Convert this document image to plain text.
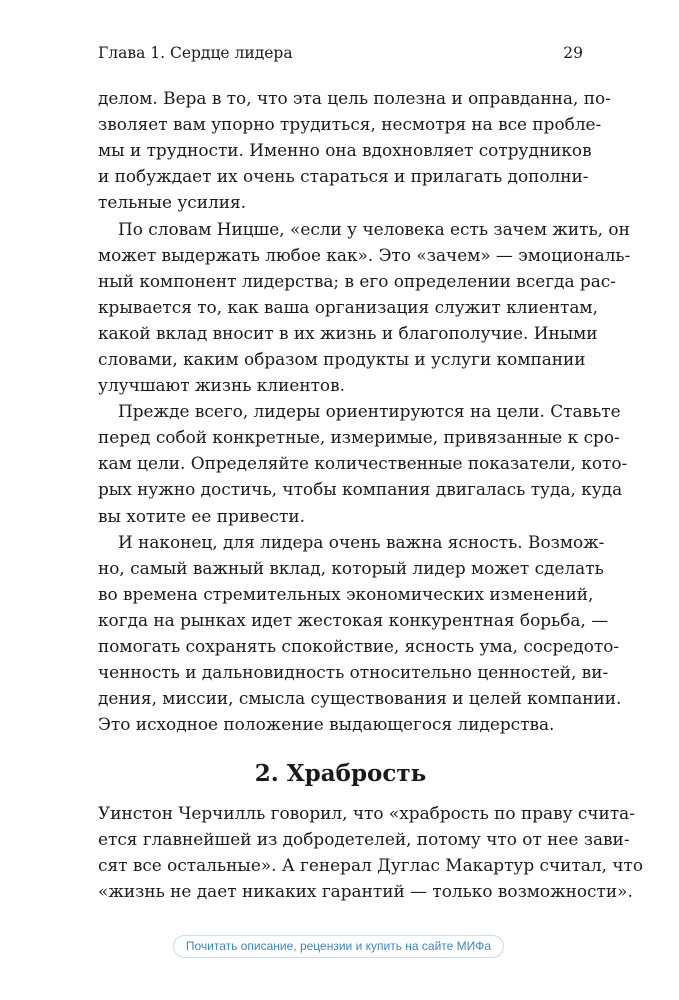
Глава 1. Сердце лидера	29
делом. Вера в то, что эта цель полезна и оправданна, по-
зволяет вам упорно трудиться, несмотря на все пробле-
мы и трудности. Именно она вдохновляет сотрудников
и побуждает их очень стараться и прилагать дополни-
тельные усилия.
По словам Ницше, «если у человека есть зачем жить, он
может выдержать любое как». Это «зачем» — эмоциональ-
ный компонент лидерства; в его определении всегда рас-
крывается то, как ваша организация служит клиентам,
какой вклад вносит в их жизнь и благополучие. Иными
словами, каким образом продукты и услуги компании
улучшают жизнь клиентов.
Прежде всего, лидеры ориентируются на цели. Ставьте
перед собой конкретные, измеримые, привязанные к сро-
кам цели. Определяйте количественные показатели, кото-
рых нужно достичь, чтобы компания двигалась туда, куда
вы хотите ее привести.
И наконец, для лидера очень важна ясность. Возмож-
но, самый важный вклад, который лидер может сделать
во времена стремительных экономических изменений,
когда на рынках идет жестокая конкурентная борьба, —
помогать сохранять спокойствие, ясность ума, сосредото-
ченность и дальновидность относительно ценностей, ви-
дения, миссии, смысла существования и целей компании.
Это исходное положение выдающегося лидерства.
2. Храбрость
Уинстон Черчилль говорил, что «храбрость по праву счита-
ется главнейшей из добродетелей, потому что от нее зави-
сят все остальные». А генерал Дуглас Макартур считал, что
«жизнь не дает никаких гарантий — только возможности».
Почитать описание, рецензии и купить на сайте МИФа
